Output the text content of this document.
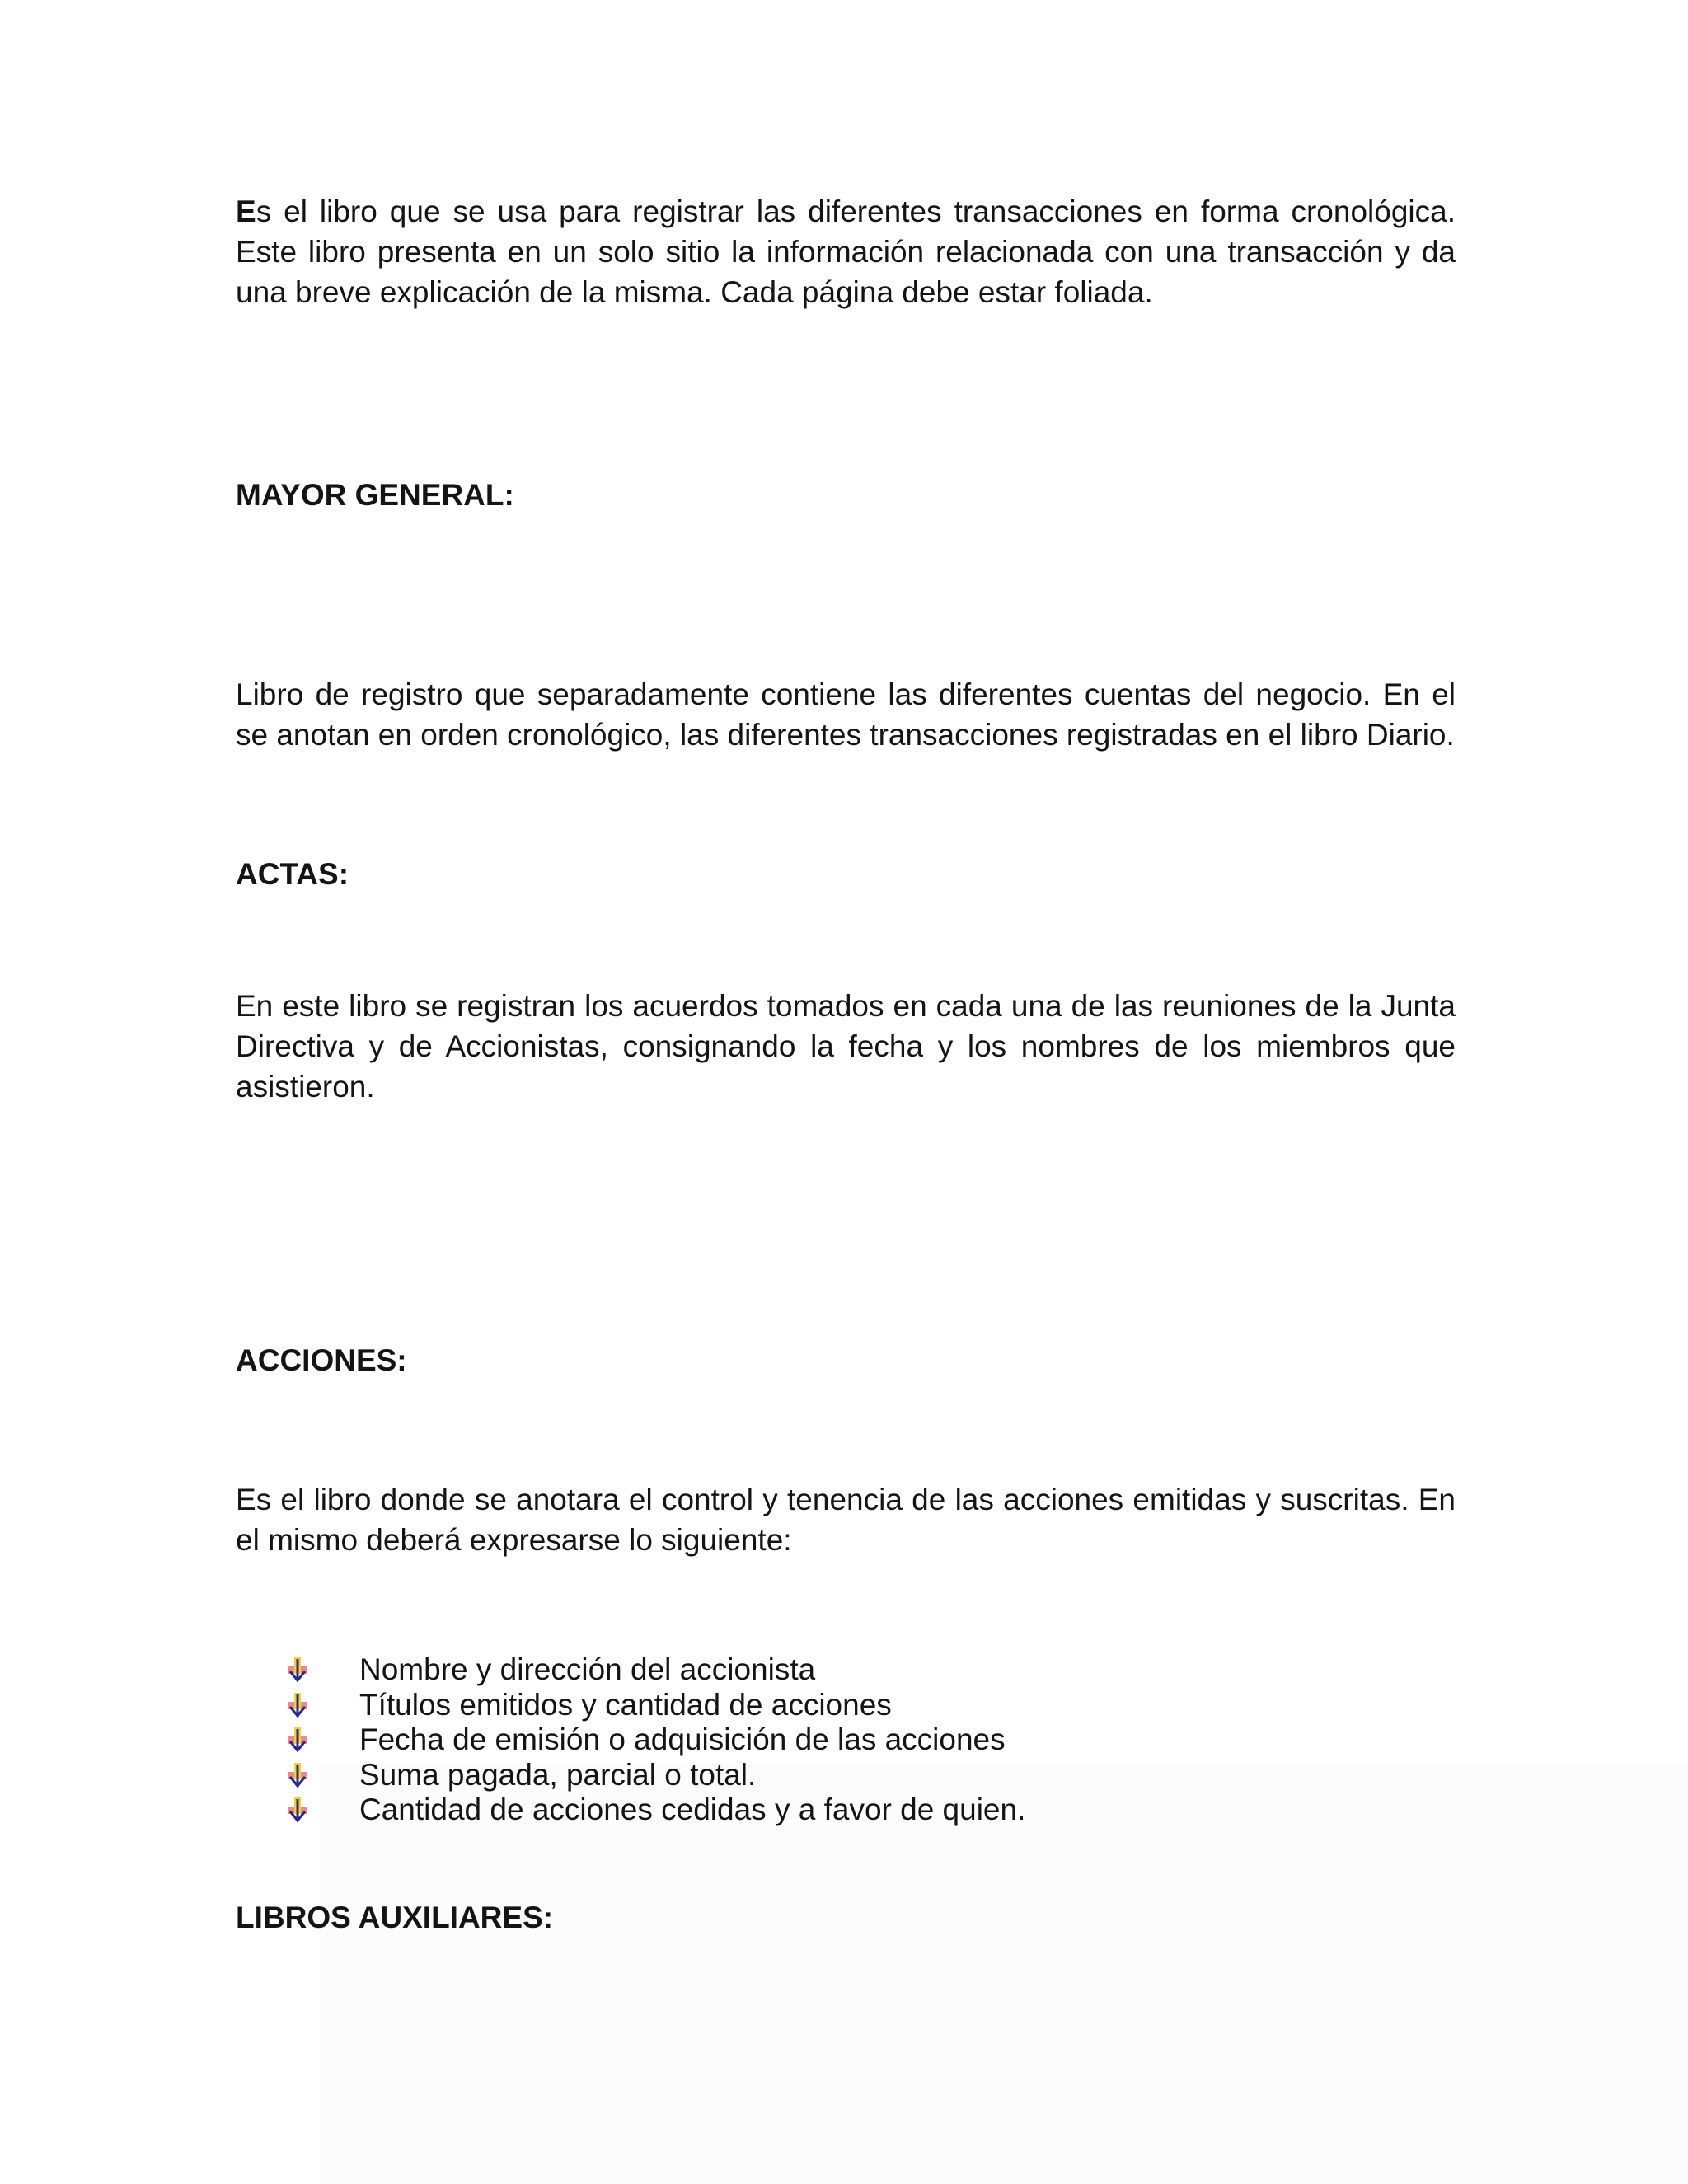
Es el libro que se usa para registrar las diferentes transacciones en forma cronológica. Este libro presenta en un solo sitio la información relacionada con una transacción y da una breve explicación de la misma. Cada página debe estar foliada.

MAYOR GENERAL:

Libro de registro que separadamente contiene las diferentes cuentas del negocio. En el se anotan en orden cronológico, las diferentes transacciones registradas en el libro Diario.

ACTAS:

En este libro se registran los acuerdos tomados en cada una de las reuniones de la Junta Directiva y de Accionistas, consignando la fecha y los nombres de los miembros que asistieron.

ACCIONES:

Es el libro donde se anotara el control y tenencia de las acciones emitidas y suscritas. En el mismo deberá expresarse lo siguiente:

Nombre y dirección del accionista
Títulos emitidos y cantidad de acciones
Fecha de emisión o adquisición de las acciones
Suma pagada, parcial o total.
Cantidad de acciones cedidas y a favor de quien.
LIBROS AUXILIARES:
